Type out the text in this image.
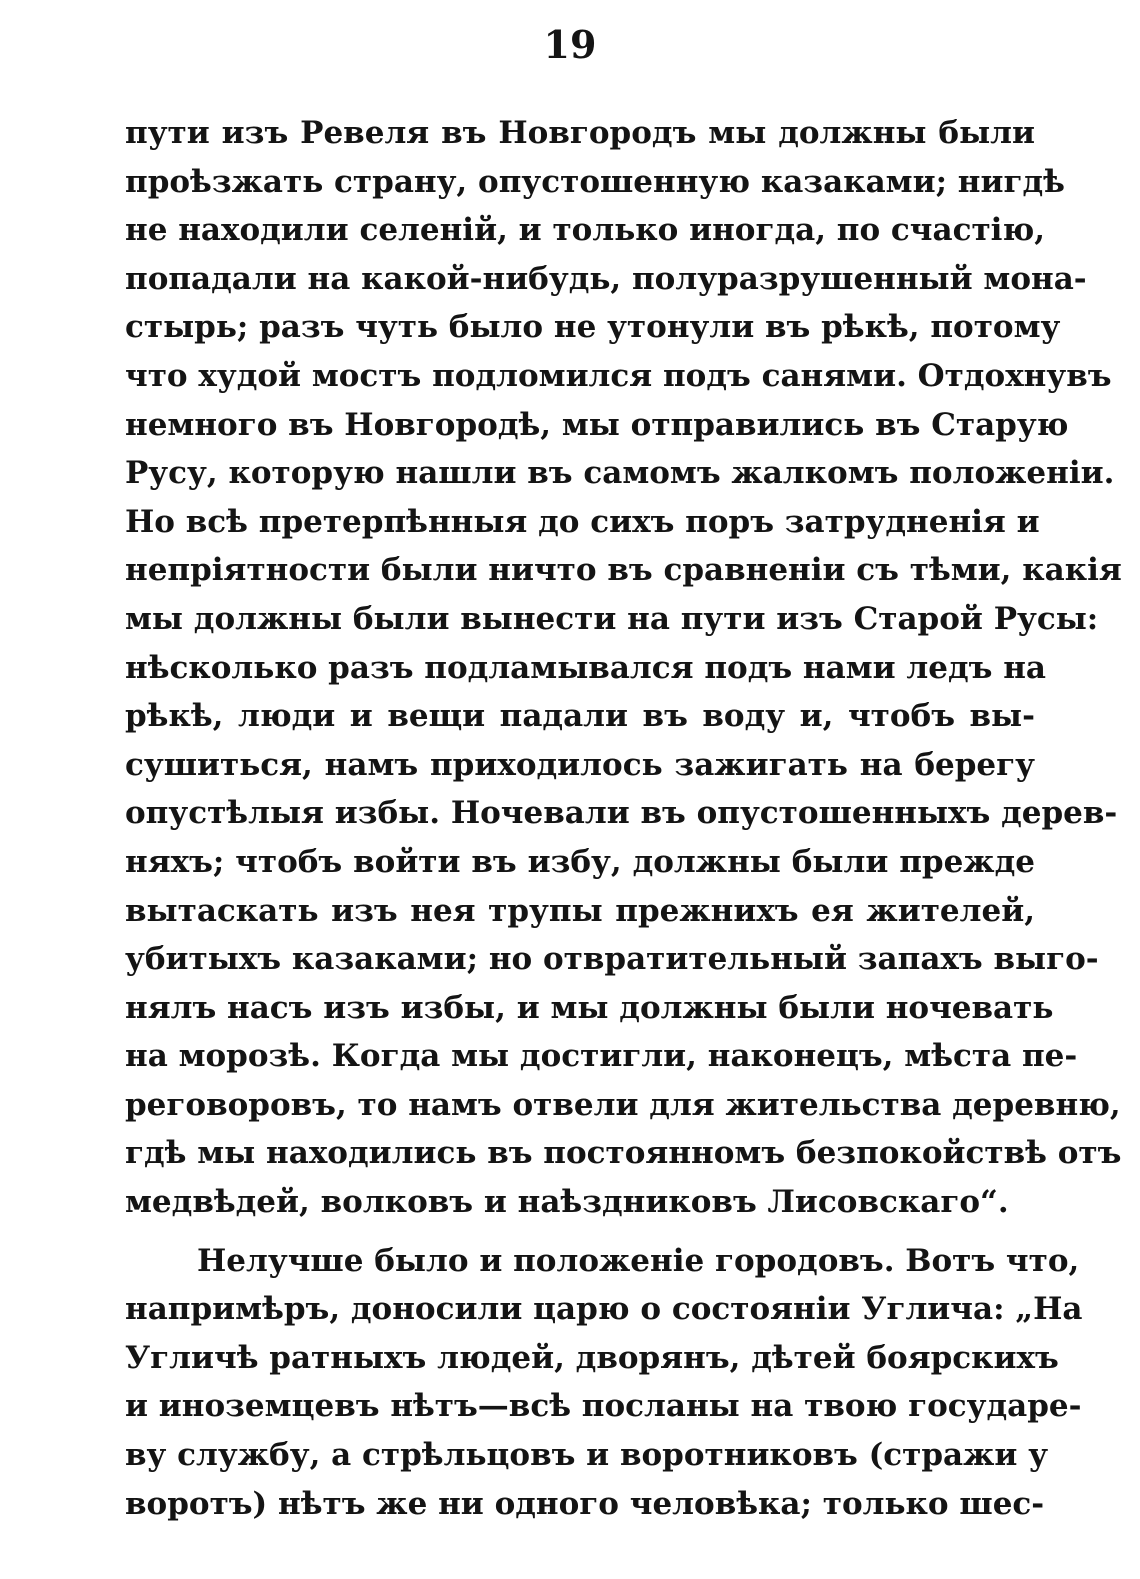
19
пути изъ Ревеля въ Новгородъ мы должны были
проѣзжать страну, опустошенную казаками; нигдѣ
не находили селеній, и только иногда, по счастію,
попадали на какой-нибудь, полуразрушенный мона-
стырь; разъ чуть было не утонули въ рѣкѣ, потому
что худой мостъ подломился подъ санями. Отдохнувъ
немного въ Новгородѣ, мы отправились въ Старую
Русу, которую нашли въ самомъ жалкомъ положеніи.
Но всѣ претерпѣнныя до сихъ поръ затрудненія и
непріятности были ничто въ сравненіи съ тѣми, какія
мы должны были вынести на пути изъ Старой Русы:
нѣсколько разъ подламывался подъ нами ледъ на
рѣкѣ, люди и вещи падали въ воду и, чтобъ вы-
сушиться, намъ приходилось зажигать на берегу
опустѣлыя избы. Ночевали въ опустошенныхъ дерев-
няхъ; чтобъ войти въ избу, должны были прежде
вытаскать изъ нея трупы прежнихъ ея жителей,
убитыхъ казаками; но отвратительный запахъ выго-
нялъ насъ изъ избы, и мы должны были ночевать
на морозѣ. Когда мы достигли, наконецъ, мѣста пе-
реговоровъ, то намъ отвели для жительства деревню,
гдѣ мы находились въ постоянномъ безпокойствѣ отъ
медвѣдей, волковъ и наѣздниковъ Лисовскаго“.
Нелучше было и положеніе городовъ. Вотъ что,
напримѣръ, доносили царю о состояніи Углича: „На
Угличѣ ратныхъ людей, дворянъ, дѣтей боярскихъ
и иноземцевъ нѣтъ—всѣ посланы на твою государе-
ву службу, а стрѣльцовъ и воротниковъ (стражи у
воротъ) нѣтъ же ни одного человѣка; только шес-
